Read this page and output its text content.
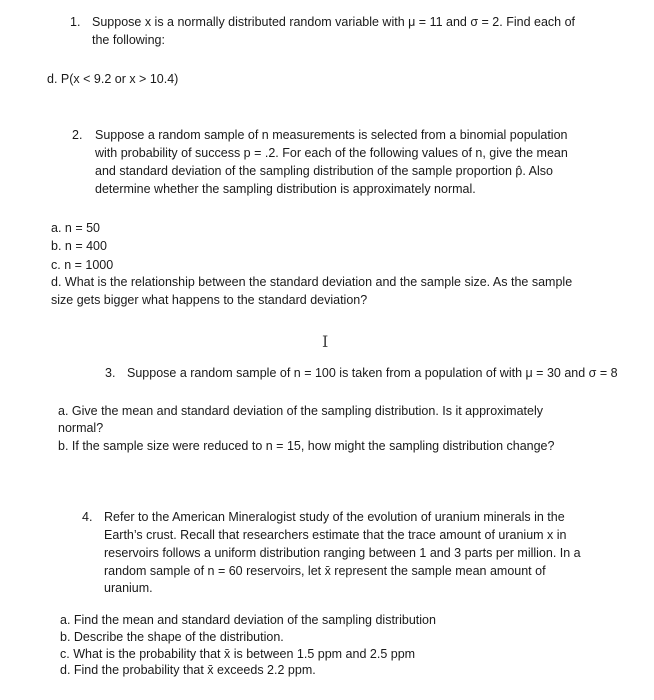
1. Suppose x is a normally distributed random variable with μ = 11 and σ = 2. Find each of
the following:
d. P(x < 9.2 or x > 10.4)
2. Suppose a random sample of n measurements is selected from a binomial population
with probability of success p = .2. For each of the following values of n, give the mean
and standard deviation of the sampling distribution of the sample proportion p̂. Also
determine whether the sampling distribution is approximately normal.
a. n = 50
b. n = 400
c. n = 1000
d. What is the relationship between the standard deviation and the sample size. As the sample
size gets bigger what happens to the standard deviation?
I
3. Suppose a random sample of n = 100 is taken from a population of with μ = 30 and σ = 8
a. Give the mean and standard deviation of the sampling distribution. Is it approximately
normal?
b. If the sample size were reduced to n = 15, how might the sampling distribution change?
4. Refer to the American Mineralogist study of the evolution of uranium minerals in the
Earth’s crust. Recall that researchers estimate that the trace amount of uranium x in
reservoirs follows a uniform distribution ranging between 1 and 3 parts per million. In a
random sample of n = 60 reservoirs, let x̄ represent the sample mean amount of
uranium.
a. Find the mean and standard deviation of the sampling distribution
b. Describe the shape of the distribution.
c. What is the probability that x̄ is between 1.5 ppm and 2.5 ppm
d. Find the probability that x̄ exceeds 2.2 ppm.
